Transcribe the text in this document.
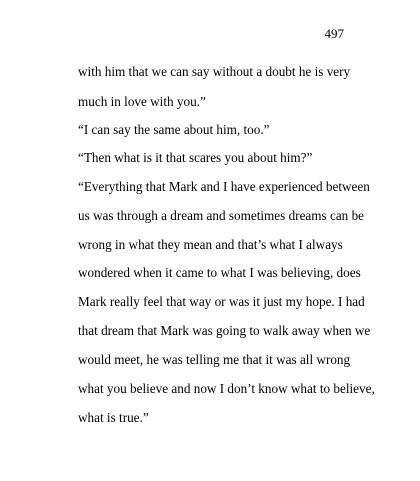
497
with him that we can say without a doubt he is very
much in love with you.”
“I can say the same about him, too.”
“Then what is it that scares you about him?”
“Everything that Mark and I have experienced between
us was through a dream and sometimes dreams can be
wrong in what they mean and that’s what I always
wondered when it came to what I was believing, does
Mark really feel that way or was it just my hope. I had
that dream that Mark was going to walk away when we
would meet, he was telling me that it was all wrong
what you believe and now I don’t know what to believe,
what is true.”
